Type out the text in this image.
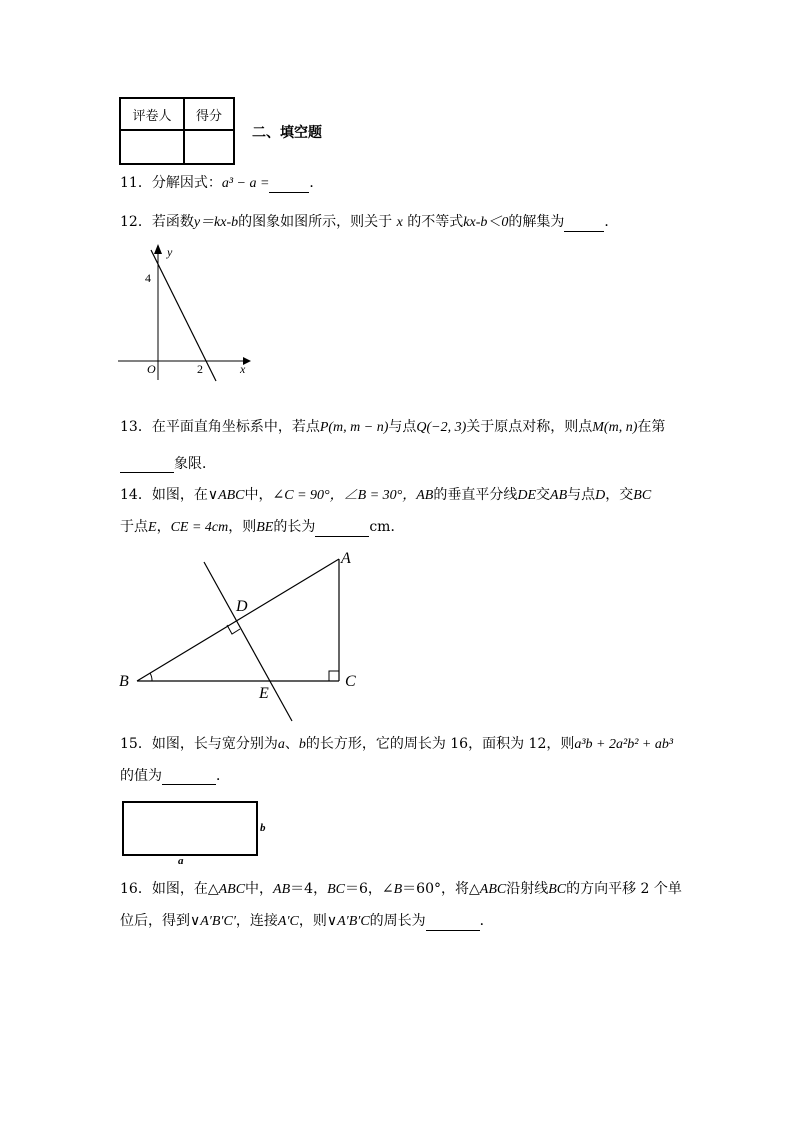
评卷人	得分

二、填空题
11．分解因式：a³ − a =	．
12．若函数y＝kx-b的图象如图所示，则关于 x 的不等式kx-b＜0的解集为	．
y
x
O
4
2
13．在平面直角坐标系中，若点P(m, m − n)与点Q(−2, 3)关于原点对称，则点M(m, n)在第
象限．
14．如图，在∨ABC中，∠C = 90°，∠B = 30°，AB的垂直平分线DE交AB与点D，交BC
于点E，CE = 4cm，则BE的长为	cm．
A
B	C
D
E
15．如图，长与宽分别为a、b的长方形，它的周长为 16，面积为 12，则a³b + 2a²b² + ab³
的值为	．
b
a
16．如图，在△ABC中，AB＝4，BC＝6，∠B＝60°，将△ABC沿射线BC的方向平移 2 个单
位后，得到∨A′B′C′，连接A′C，则∨A′B′C的周长为	．
